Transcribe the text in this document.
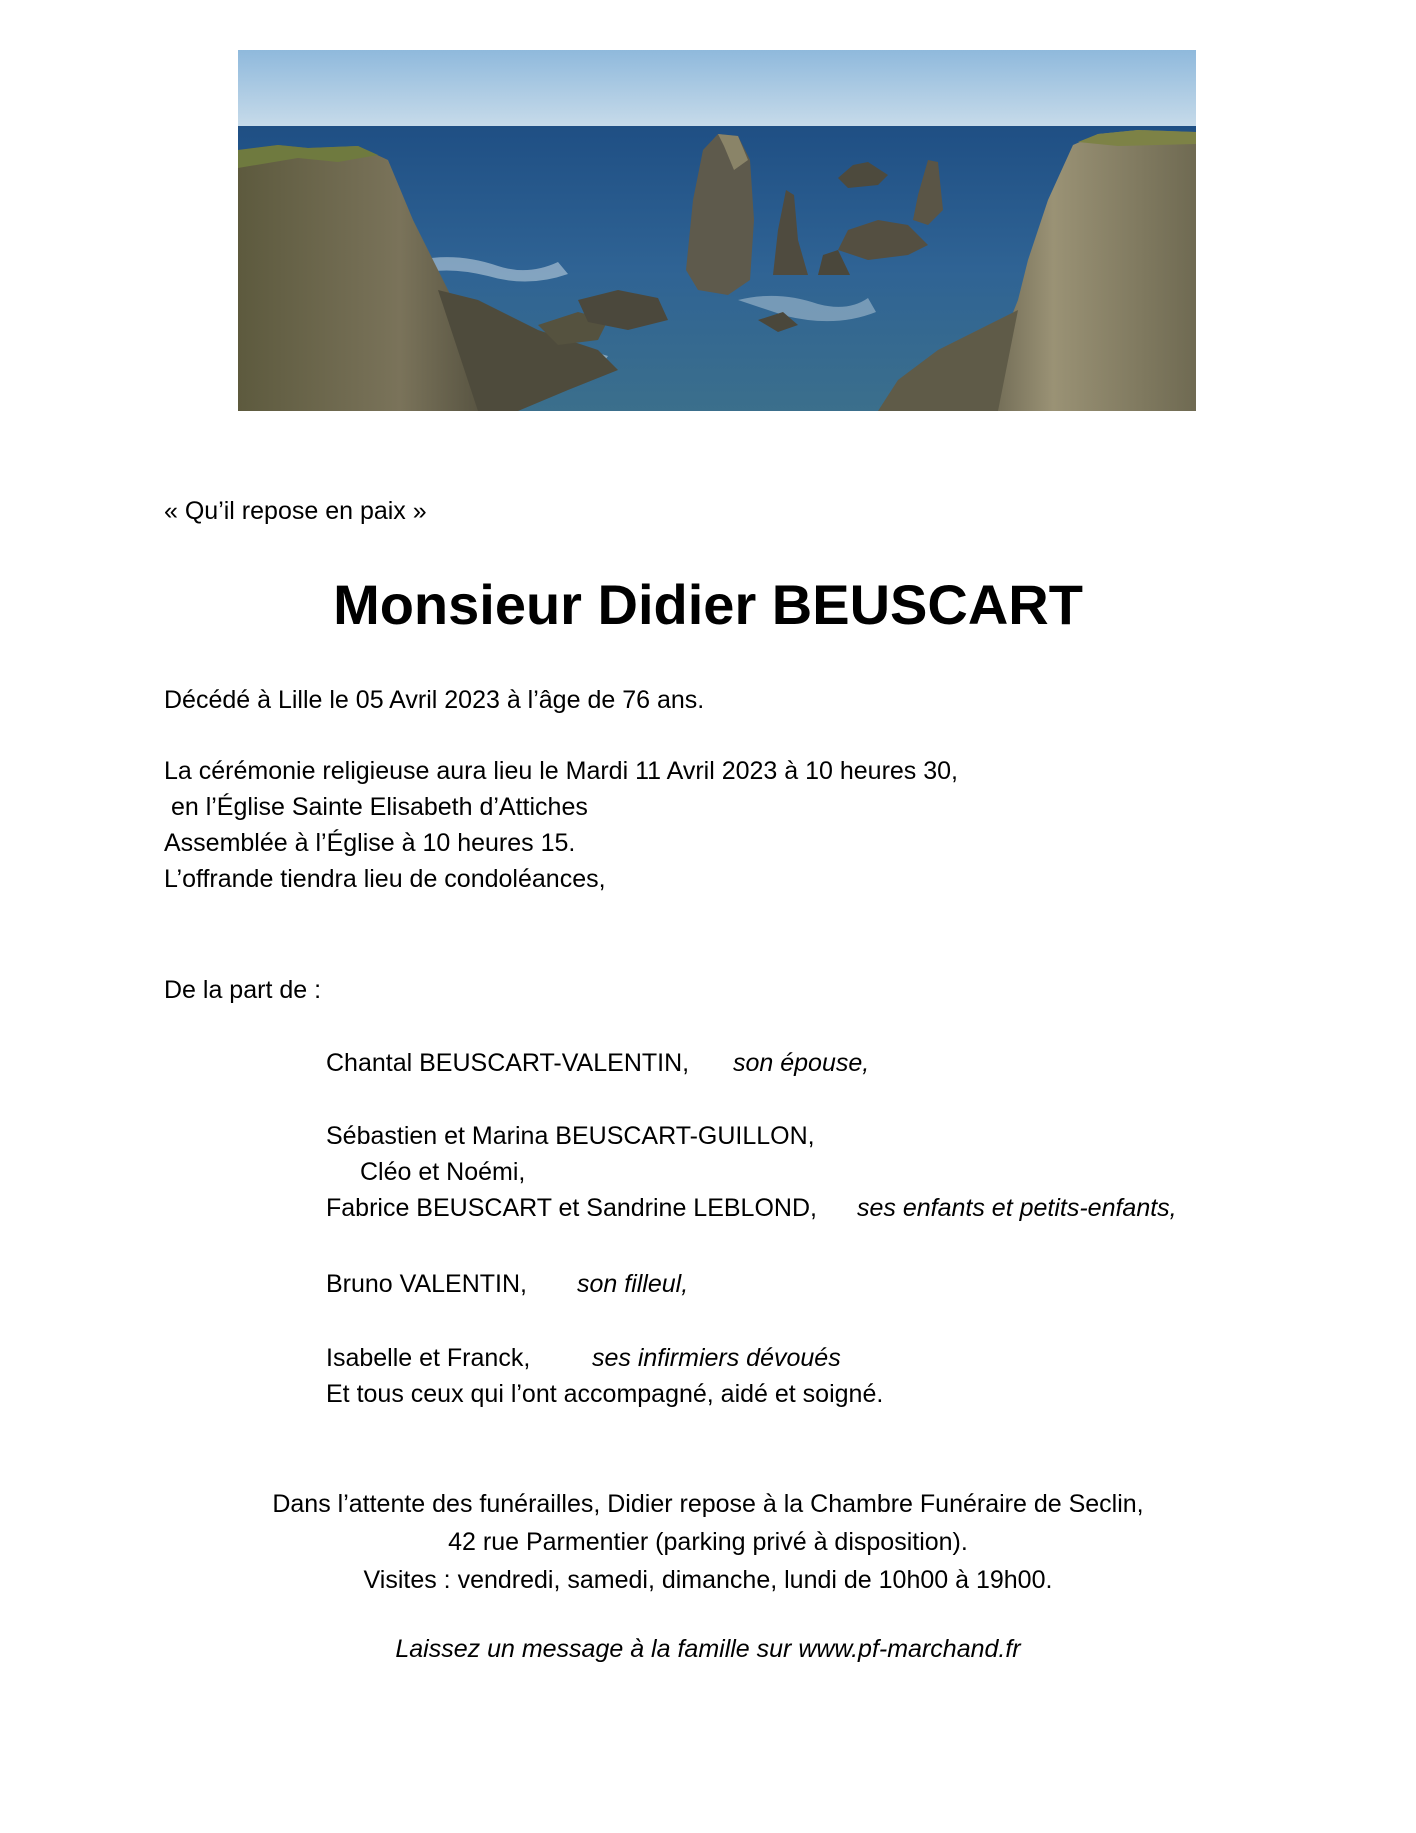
« Qu’il repose en paix »
Monsieur Didier BEUSCART
Décédé à Lille le 05 Avril 2023 à l’âge de 76 ans.
La cérémonie religieuse aura lieu le Mardi 11 Avril 2023 à 10 heures 30,
en l’Église Sainte Elisabeth d’Attiches
Assemblée à l’Église à 10 heures 15.
L’offrande tiendra lieu de condoléances,
De la part de :
Chantal BEUSCART-VALENTIN, son épouse,
Sébastien et Marina BEUSCART-GUILLON,
Cléo et Noémi,
Fabrice BEUSCART et Sandrine LEBLOND, ses enfants et petits-enfants,
Bruno VALENTIN, son filleul,
Isabelle et Franck, ses infirmiers dévoués
Et tous ceux qui l’ont accompagné, aidé et soigné.
Dans l’attente des funérailles, Didier repose à la Chambre Funéraire de Seclin,
42 rue Parmentier (parking privé à disposition).
Visites : vendredi, samedi, dimanche, lundi de 10h00 à 19h00.
Laissez un message à la famille sur www.pf-marchand.fr
